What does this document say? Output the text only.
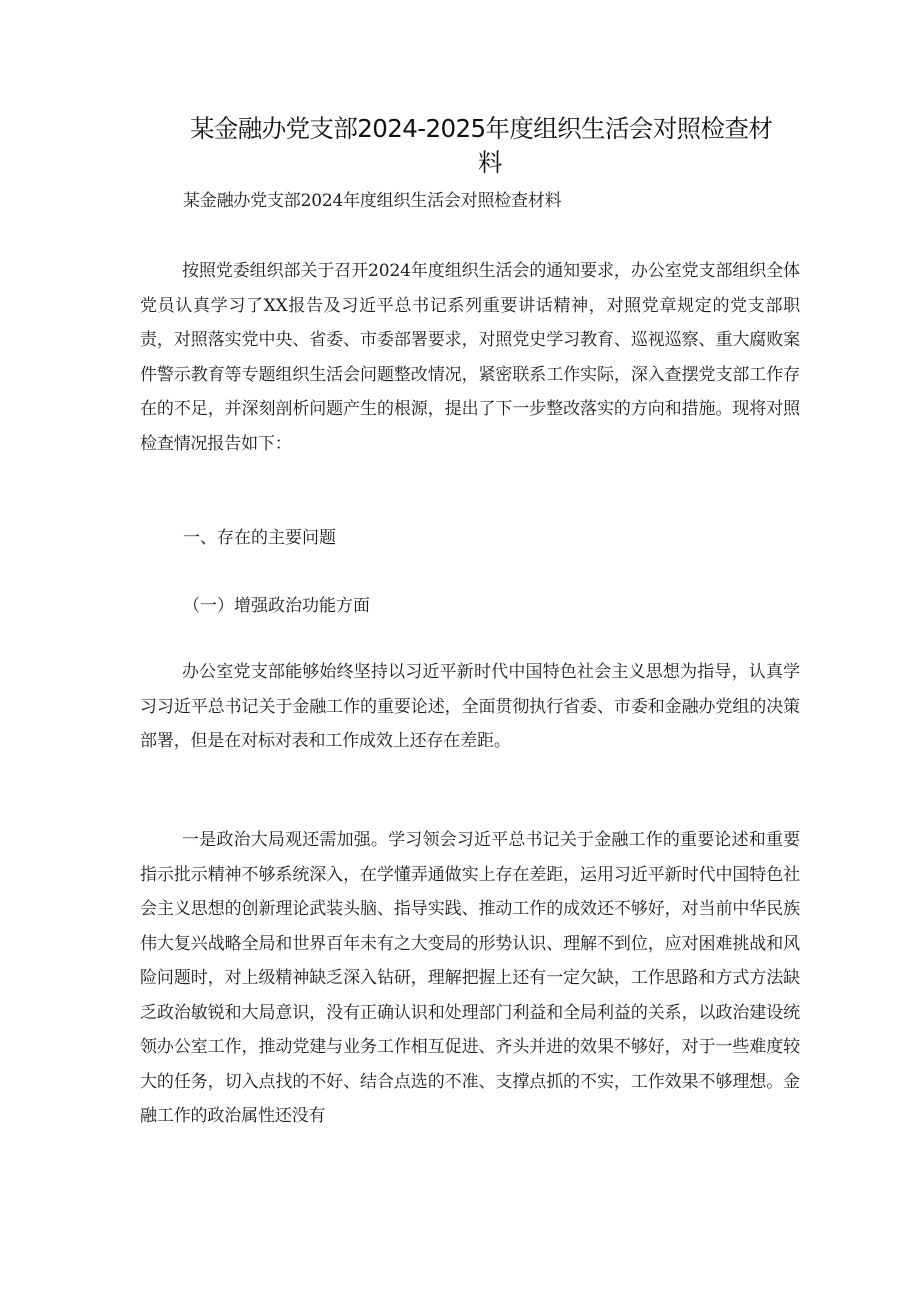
某金融办党支部2024-2025年度组织生活会对照检查材
料
某金融办党支部2024年度组织生活会对照检查材料

按照党委组织部关于召开2024年度组织生活会的通知要求，办公室党支部组织全体党员认真学习了XX报告及习近平总书记系列重要讲话精神，对照党章规定的党支部职责，对照落实党中央、省委、市委部署要求，对照党史学习教育、巡视巡察、重大腐败案件警示教育等专题组织生活会问题整改情况，紧密联系工作实际，深入查摆党支部工作存在的不足，并深刻剖析问题产生的根源，提出了下一步整改落实的方向和措施。现将对照检查情况报告如下：

一、存在的主要问题
（一）增强政治功能方面

办公室党支部能够始终坚持以习近平新时代中国特色社会主义思想为指导，认真学习习近平总书记关于金融工作的重要论述，全面贯彻执行省委、市委和金融办党组的决策部署，但是在对标对表和工作成效上还存在差距。

一是政治大局观还需加强。学习领会习近平总书记关于金融工作的重要论述和重要指示批示精神不够系统深入，在学懂弄通做实上存在差距，运用习近平新时代中国特色社会主义思想的创新理论武装头脑、指导实践、推动工作的成效还不够好，对当前中华民族伟大复兴战略全局和世界百年未有之大变局的形势认识、理解不到位，应对困难挑战和风险问题时，对上级精神缺乏深入钻研，理解把握上还有一定欠缺，工作思路和方式方法缺乏政治敏锐和大局意识，没有正确认识和处理部门利益和全局利益的关系，以政治建设统领办公室工作，推动党建与业务工作相互促进、齐头并进的效果不够好，对于一些难度较大的任务，切入点找的不好、结合点选的不准、支撑点抓的不实，工作效果不够理想。金融工作的政治属性还没有
